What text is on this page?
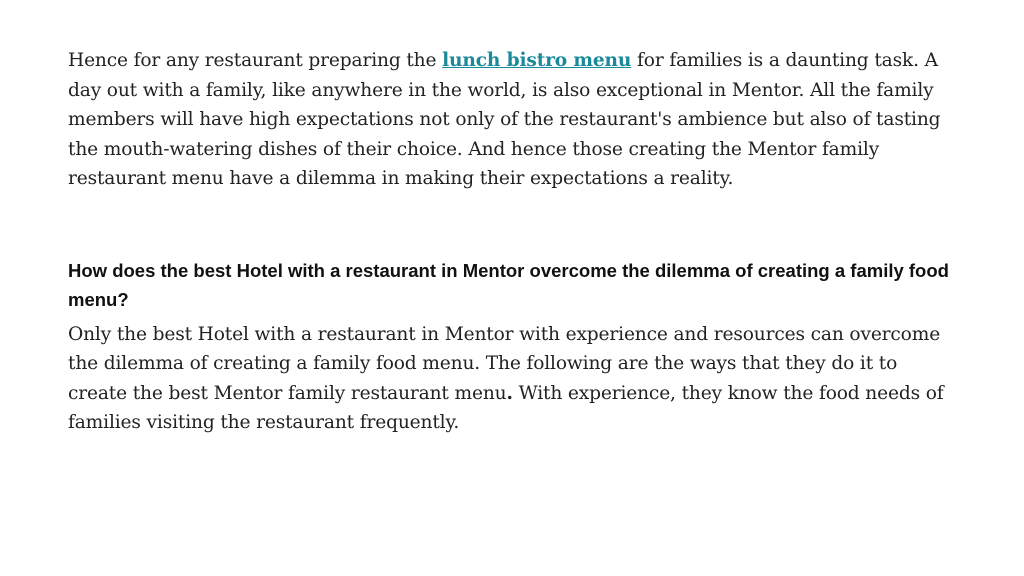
Hence for any restaurant preparing the lunch bistro menu for families is a daunting task. A day out with a family, like anywhere in the world, is also exceptional in Mentor. All the family members will have high expectations not only of the restaurant's ambience but also of tasting the mouth-watering dishes of their choice. And hence those creating the Mentor family restaurant menu have a dilemma in making their expectations a reality.

How does the best Hotel with a restaurant in Mentor overcome the dilemma of creating a family food menu?

Only the best Hotel with a restaurant in Mentor with experience and resources can overcome the dilemma of creating a family food menu. The following are the ways that they do it to create the best Mentor family restaurant menu. With experience, they know the food needs of families visiting the restaurant frequently.
